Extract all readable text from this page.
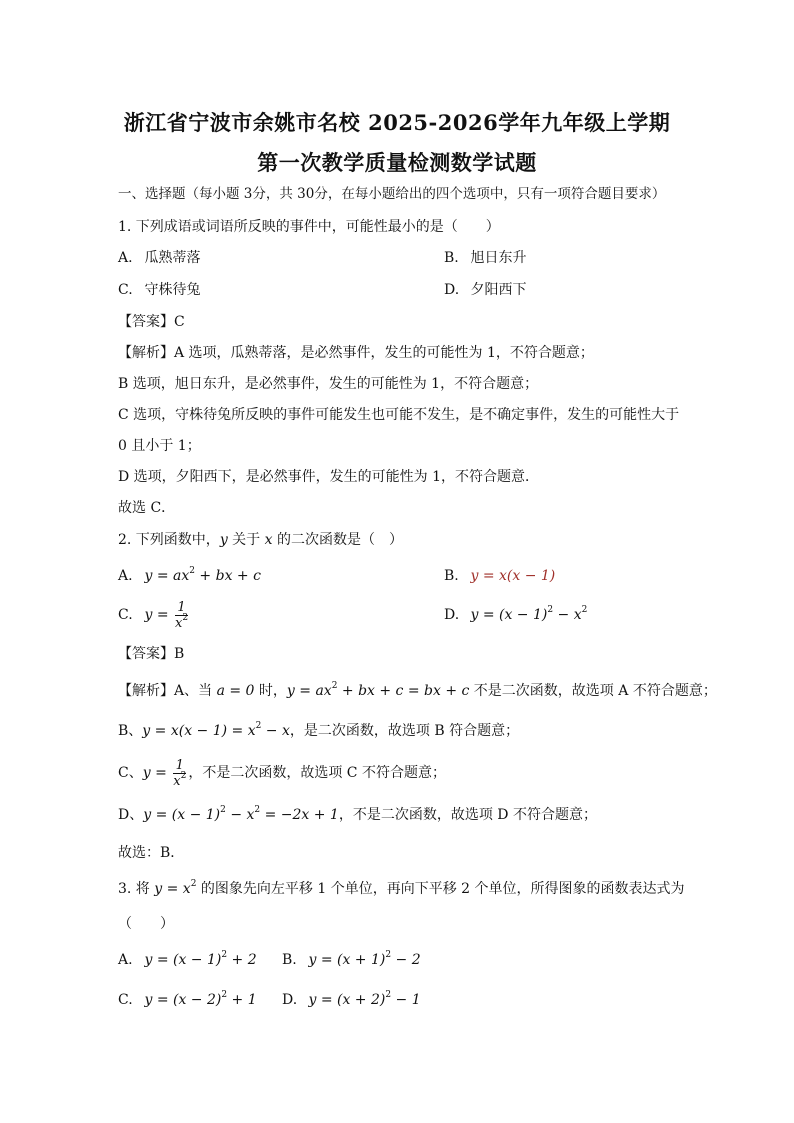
浙江省宁波市余姚市名校 2025-2026学年九年级上学期
第一次教学质量检测数学试题
一、选择题（每小题 3分，共 30分，在每小题给出的四个选项中，只有一项符合题目要求）
1. 下列成语或词语所反映的事件中，可能性最小的是（　　）
A. 瓜熟蒂落	B. 旭日东升
C. 守株待兔	D. 夕阳西下
【答案】C
【解析】A 选项，瓜熟蒂落，是必然事件，发生的可能性为 1，不符合题意；
B 选项，旭日东升，是必然事件，发生的可能性为 1，不符合题意；
C 选项，守株待兔所反映的事件可能发生也可能不发生，是不确定事件，发生的可能性大于
0 且小于 1；
D 选项，夕阳西下，是必然事件，发生的可能性为 1，不符合题意．
故选 C．
2. 下列函数中，y 关于 x 的二次函数是（　）
A. $y = ax^2$ + bx + c	B. y = x(x − 1)
C. $y = \frac{1}{x^2}$	D. $y = (x - 1)^2 - x^2$
【答案】B
【解析】A、当 a = 0 时，$y = ax^2$ + bx + c = bx + c 不是二次函数，故选项 A 不符合题意；
B、$y = x(x - 1) = x^2 - x$，是二次函数，故选项 B 符合题意；
C、$y = \frac{1}{x^2}$ ，不是二次函数，故选项 C 不符合题意；
D、$y = (x - 1)^2 - x^2 = -2x + 1$，不是二次函数，故选项 D 不符合题意；
故选：B．
3. 将 $y = x^2$ 的图象先向左平移 1 个单位，再向下平移 2 个单位，所得图象的函数表达式为
（　　）
A. $y = (x - 1)^2 + 2$ B. $y = (x + 1)^2 - 2$
C. $y = (x - 2)^2 + 1$ D. $y = (x + 2)^2 - 1$
